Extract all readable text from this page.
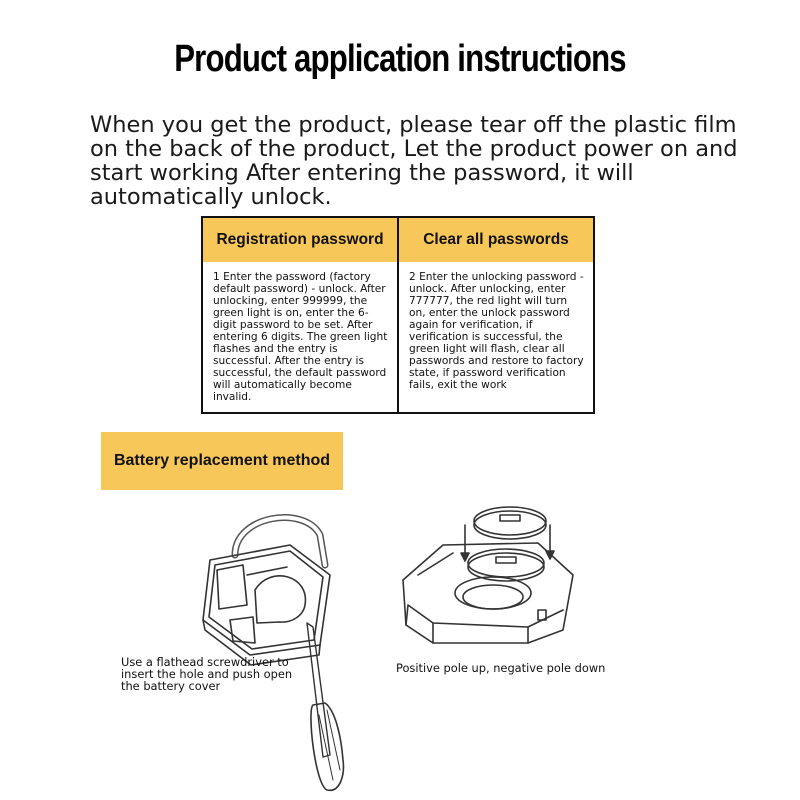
Product application instructions
When you get the product, please tear off the plastic film on the back of the product, Let the product power on and start working After entering the password, it will automatically unlock.
Registration password
1 Enter the password (factory default password) - unlock. After unlocking, enter 999999, the green light is on, enter the 6-digit password to be set. After entering 6 digits. The green light flashes and the entry is successful. After the entry is successful, the default password will automatically become invalid.
Clear all passwords
2 Enter the unlocking password - unlock. After unlocking, enter 777777, the red light will turn on, enter the unlock password again for verification, if verification is successful, the green light will flash, clear all passwords and restore to factory state, if password verification fails, exit the work
Battery replacement method
Use a flathead screwdriver to insert the hole and push open the battery cover
Positive pole up, negative pole down
